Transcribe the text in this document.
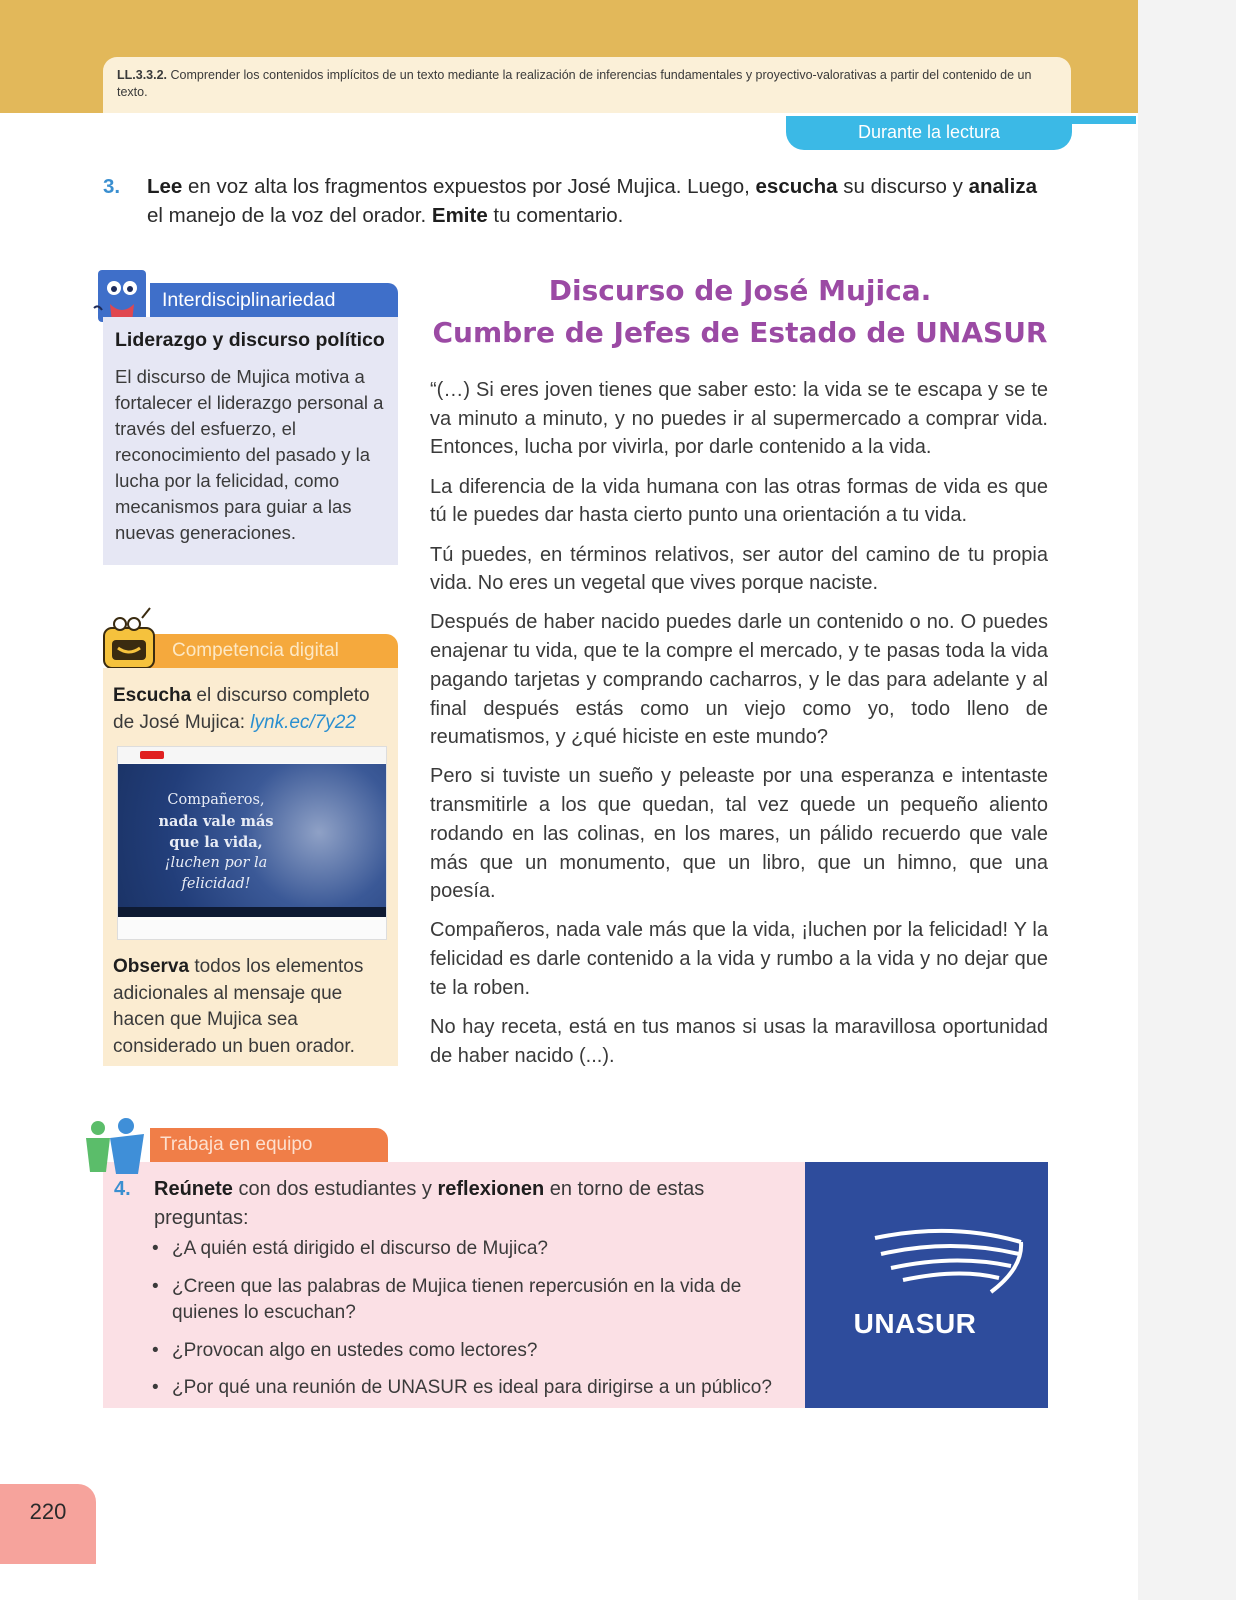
LL.3.3.2. Comprender los contenidos implícitos de un texto mediante la realización de inferencias fundamentales y proyectivo-valorativas a partir del contenido de un texto.
Durante la lectura
3. Lee en voz alta los fragmentos expuestos por José Mujica. Luego, escucha su discurso y analiza el manejo de la voz del orador. Emite tu comentario.
Interdisciplinariedad
Liderazgo y discurso político
El discurso de Mujica motiva a fortalecer el liderazgo personal a través del esfuerzo, el reconocimiento del pasado y la lucha por la felicidad, como mecanismos para guiar a las nuevas generaciones.
Competencia digital
Escucha el discurso completo de José Mujica: lynk.ec/7y22
Observa todos los elementos adicionales al mensaje que hacen que Mujica sea considerado un buen orador.
Compañeros,
nada vale más
que la vida,
¡luchen por la
felicidad!
Discurso de José Mujica.
Cumbre de Jefes de Estado de UNASUR

“(…) Si eres joven tienes que saber esto: la vida se te escapa y se te va minuto a minuto, y no puedes ir al supermercado a comprar vida. Entonces, lucha por vivirla, por darle contenido a la vida.

La diferencia de la vida humana con las otras formas de vida es que tú le puedes dar hasta cierto punto una orientación a tu vida.

Tú puedes, en términos relativos, ser autor del camino de tu propia vida. No eres un vegetal que vives porque naciste.

Después de haber nacido puedes darle un contenido o no. O puedes enajenar tu vida, que te la compre el mercado, y te pasas toda la vida pagando tarjetas y comprando cacharros, y le das para adelante y al final después estás como un viejo como yo, todo lleno de reumatismos, y ¿qué hiciste en este mundo?

Pero si tuviste un sueño y peleaste por una esperanza e intentaste transmitirle a los que quedan, tal vez quede un pequeño aliento rodando en las colinas, en los mares, un pálido recuerdo que vale más que un monumento, que un libro, que un himno, que una poesía.

Compañeros, nada vale más que la vida, ¡luchen por la felicidad! Y la felicidad es darle contenido a la vida y rumbo a la vida y no dejar que te la roben.

No hay receta, está en tus manos si usas la maravillosa oportunidad de haber nacido (...).

Trabaja en equipo
4. Reúnete con dos estudiantes y reflexionen en torno de estas preguntas:
• ¿A quién está dirigido el discurso de Mujica?
• ¿Creen que las palabras de Mujica tienen repercusión en la vida de quienes lo escuchan?
• ¿Provocan algo en ustedes como lectores?
• ¿Por qué una reunión de UNASUR es ideal para dirigirse a un público?
UNASUR
220
